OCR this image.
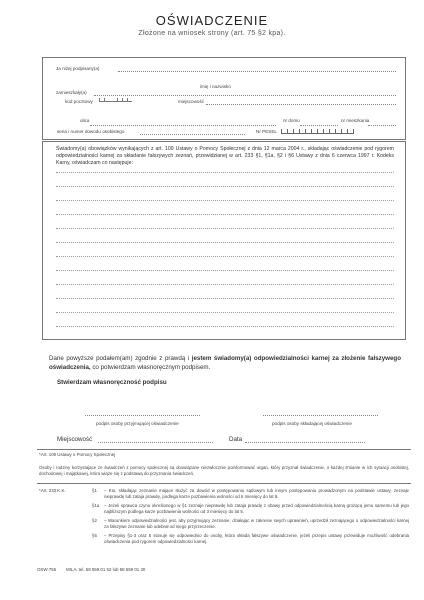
OŚWIADCZENIE
Złożone na wniosek strony (art. 75 §2 kpa).
Ja niżej podpisany(a)
imię i nazwisko
zamieszkały(a)
kod pocztowy	miejscowość
ulica	nr domu	nr mieszkania
seria i numer dowodu osobistego	Nr PESEL
Świadomy(a) obowiązków wynikających z art. 109 Ustawy o Pomocy Społecznej z dnia 12 marca 2004 r., składając oświadczenie pod rygorem odpowiedzialności karnej za składanie fałszywych zeznań, przewidzianej w art. 233 §1, §1a, §2 i §6 Ustawy z dnia 6 czerwca 1997 r. Kodeks Karny, oświadczam co następuje:
Dane powyższe podałem(am) zgodnie z prawdą i jestem świadomy(a) odpowiedzialności karnej za złożenie fałszywego oświadczenia, co potwierdzam własnoręcznym podpisem.
Stwierdzam własnoręczność podpisu
podpis osoby przyjmującej oświadczenie	podpis osoby składającej oświadczenie
Miejscowość	Data
*Art. 109 Ustawy o Pomocy Społecznej
Osoby i rodziny korzystające ze świadczeń z pomocy społecznej są obowiązane niezwłocznie poinformować organ, który przyznał świadczenie, o każdej zmianie w ich sytuacji osobistej, dochodowej i majątkowej, która wiąże się z podstawą do przyznania świadczeń.
*Art. 233 K.K.	§1 – Kto, składając zeznanie mające służyć za dowód w postępowaniu sądowym lub innym postępowaniu prowadzonym na podstawie ustawy, zeznaje nieprawdę lub zataja prawdę, podlega karze pozbawienia wolności od 6 miesięcy do lat 8.
§1a – Jeżeli sprawca czynu określonego w §1 zeznaje nieprawdę lub zataja prawdę z obawy przed odpowiedzialnością karną grożącą jemu samemu lub jego najbliższym podlega karze pozbawienia wolności od 3 miesięcy do lat 5.
§2 – Warunkiem odpowiedzialności jest, aby przyjmujący zeznanie, działając w zakresie swych uprawnień, uprzedził zeznającego o odpowiedzialności karnej za fałszywe zeznanie lub odebrał od niego przyrzeczenie.
§6 – Przepisy §1-3 oraz 5 stosuje się odpowiednio do osoby, która składa fałszywe oświadczenie, jeżeli przepis ustawy przewiduje możliwość odebrania oświadczenia pod rygorem odpowiedzialności karnej.
OSW-755 MILA. tel. 58 559 01 52 lub 58 559 01 30
